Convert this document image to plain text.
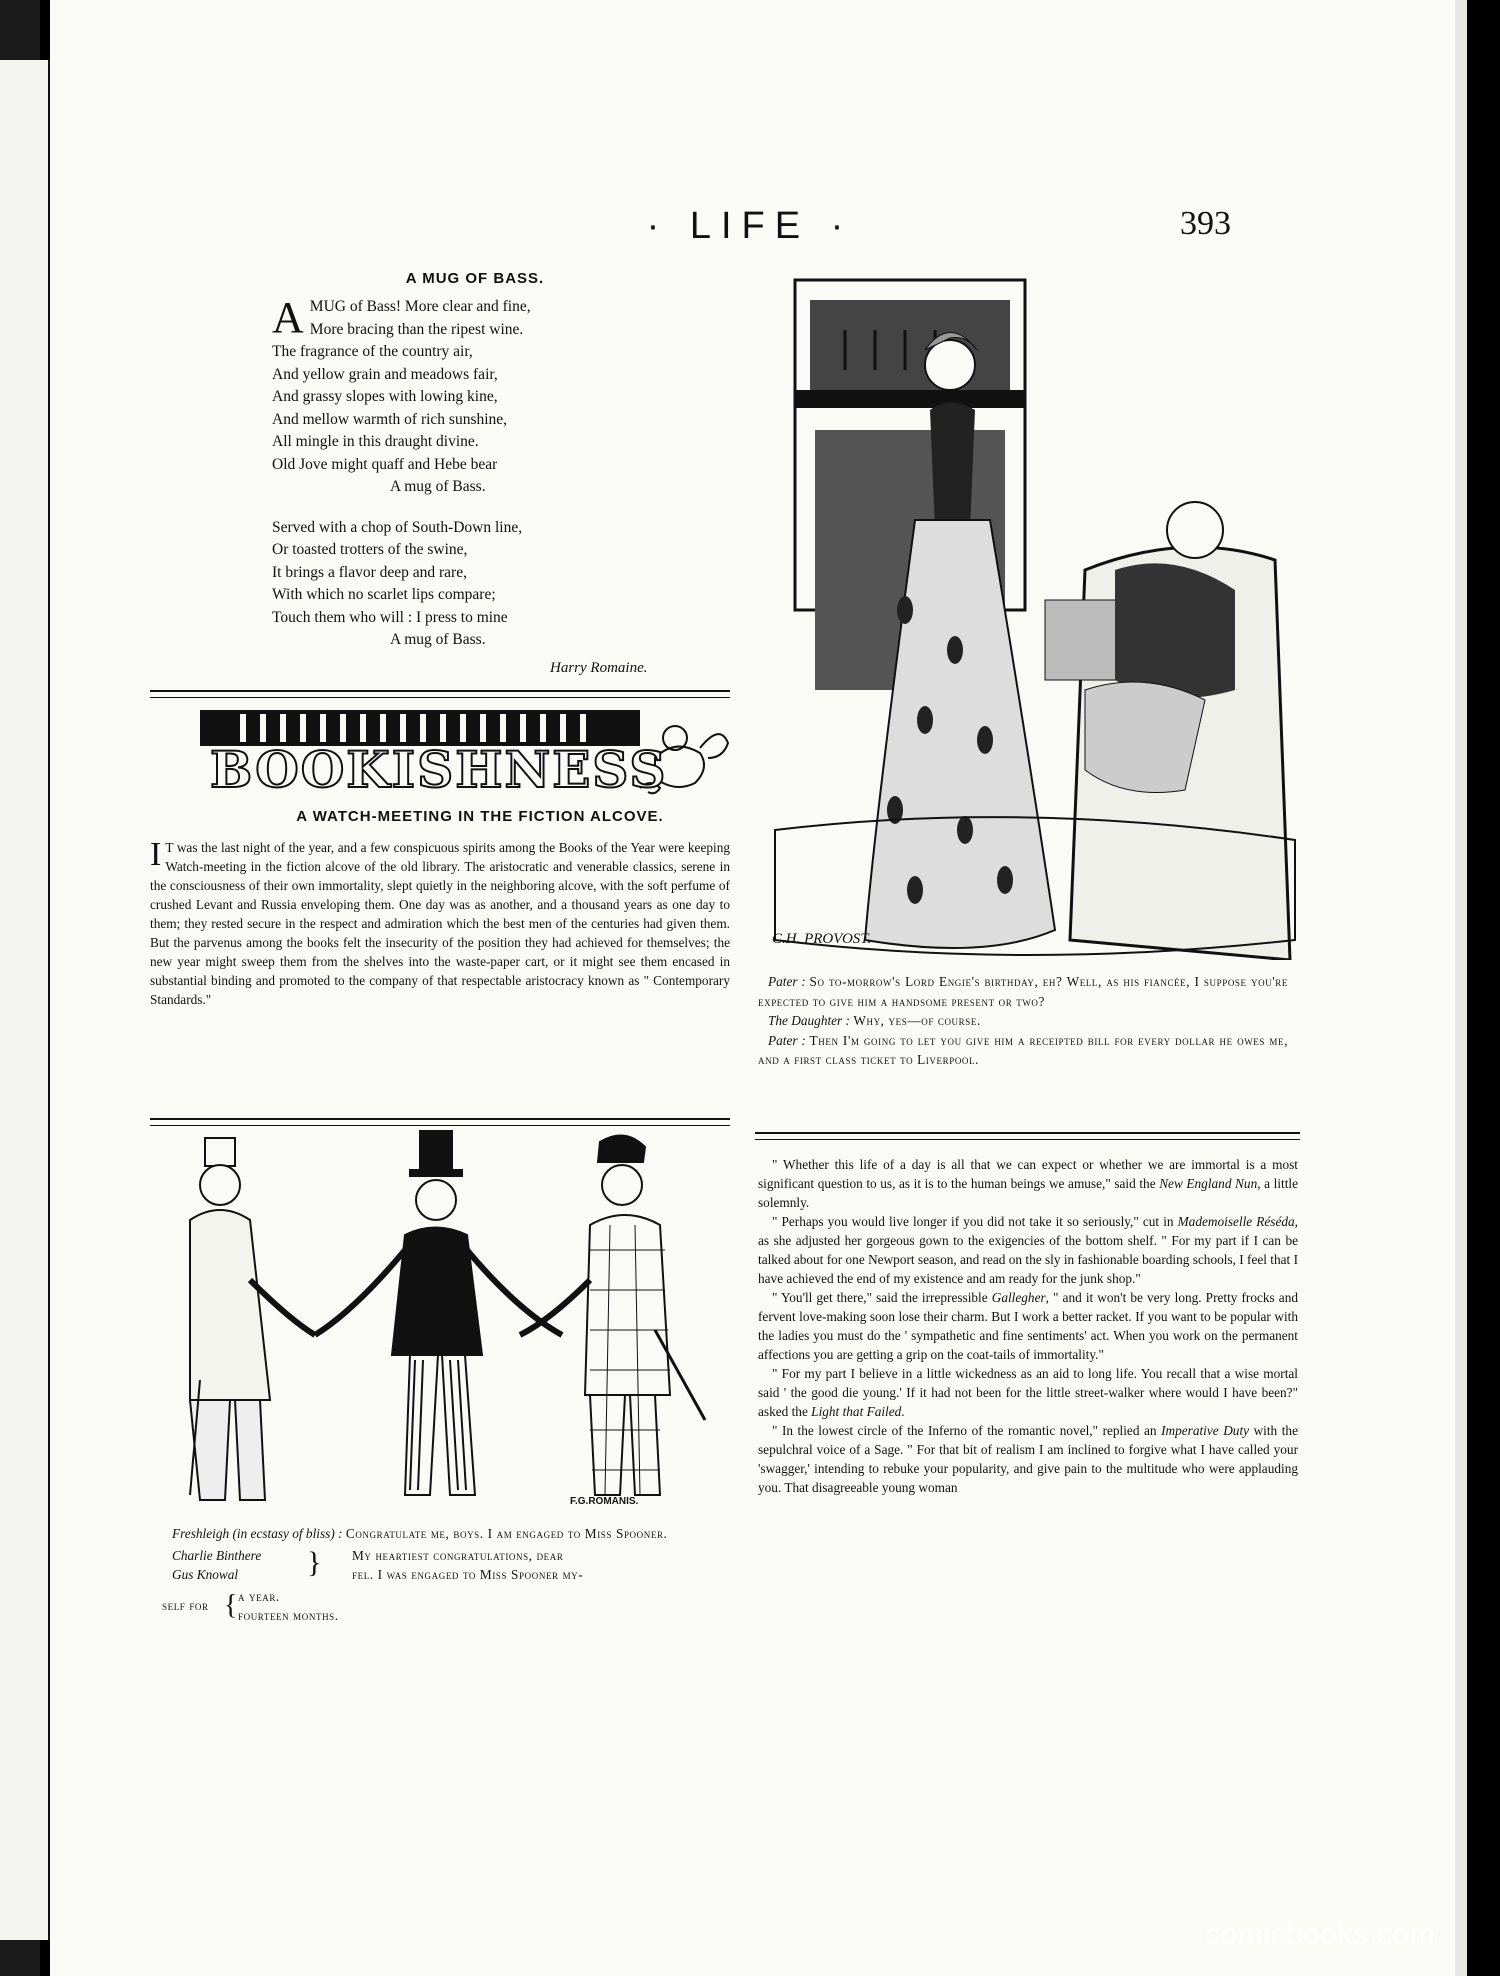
· LIFE ·	393
A MUG OF BASS.
A MUG of Bass! More clear and fine,
More bracing than the ripest wine.
The fragrance of the country air,
And yellow grain and meadows fair,
And grassy slopes with lowing kine,
And mellow warmth of rich sunshine,
All mingle in this draught divine.
Old Jove might quaff and Hebe bear
A mug of Bass.
Served with a chop of South-Down line,
Or toasted trotters of the swine,
It brings a flavor deep and rare,
With which no scarlet lips compare;
Touch them who will : I press to mine
A mug of Bass.
Harry Romaine.
BOOKISHNESS
A WATCH-MEETING IN THE FICTION ALCOVE.

I T was the last night of the year, and a few conspicuous spirits among the Books of the Year were keeping Watch-meeting in the fiction alcove of the old library. The aristocratic and venerable classics, serene in the consciousness of their own immortality, slept quietly in the neighboring alcove, with the soft perfume of crushed Levant and Russia enveloping them. One day was as another, and a thousand years as one day to them; they rested secure in the respect and admiration which the best men of the centuries had given them. But the parvenus among the books felt the insecurity of the position they had achieved for themselves; the new year might sweep them from the shelves into the waste-paper cart, or it might see them encased in substantial binding and promoted to the company of that respectable aristocracy known as " Contemporary Standards."

C.H. PROVOST.
Pater : So to-morrow's Lord Engie's birthday, eh? Well, as his fiancée, I suppose you're expected to give him a handsome present or two?
The Daughter : Why, yes—of course.
Pater : Then I'm going to let you give him a receipted bill for every dollar he owes me, and a first class ticket to Liverpool.
F.G.ROMANIS.
Freshleigh (in ecstasy of bliss) : Congratulate me, boys. I am engaged to Miss Spooner.
Charlie Binthere
Gus Knowal	}	My heartiest congratulations, dear
fel. I was engaged to Miss Spooner my-
self for { a year.
fourteen months.

" Whether this life of a day is all that we can expect or whether we are immortal is a most significant question to us, as it is to the human beings we amuse," said the New England Nun, a little solemnly.

" Perhaps you would live longer if you did not take it so seriously," cut in Mademoiselle Réséda, as she adjusted her gorgeous gown to the exigencies of the bottom shelf. " For my part if I can be talked about for one Newport season, and read on the sly in fashionable boarding schools, I feel that I have achieved the end of my existence and am ready for the junk shop."

" You'll get there," said the irrepressible Gallegher, " and it won't be very long. Pretty frocks and fervent love-making soon lose their charm. But I work a better racket. If you want to be popular with the ladies you must do the ' sympathetic and fine sentiments' act. When you work on the permanent affections you are getting a grip on the coat-tails of immortality."

" For my part I believe in a little wickedness as an aid to long life. You recall that a wise mortal said ' the good die young.' If it had not been for the little street-walker where would I have been?" asked the Light that Failed.

" In the lowest circle of the Inferno of the romantic novel," replied an Imperative Duty with the sepulchral voice of a Sage. " For that bit of realism I am inclined to forgive what I have called your 'swagger,' intending to rebuke your popularity, and give pain to the multitude who were applauding you. That disagreeable young woman

comicbooks.com
